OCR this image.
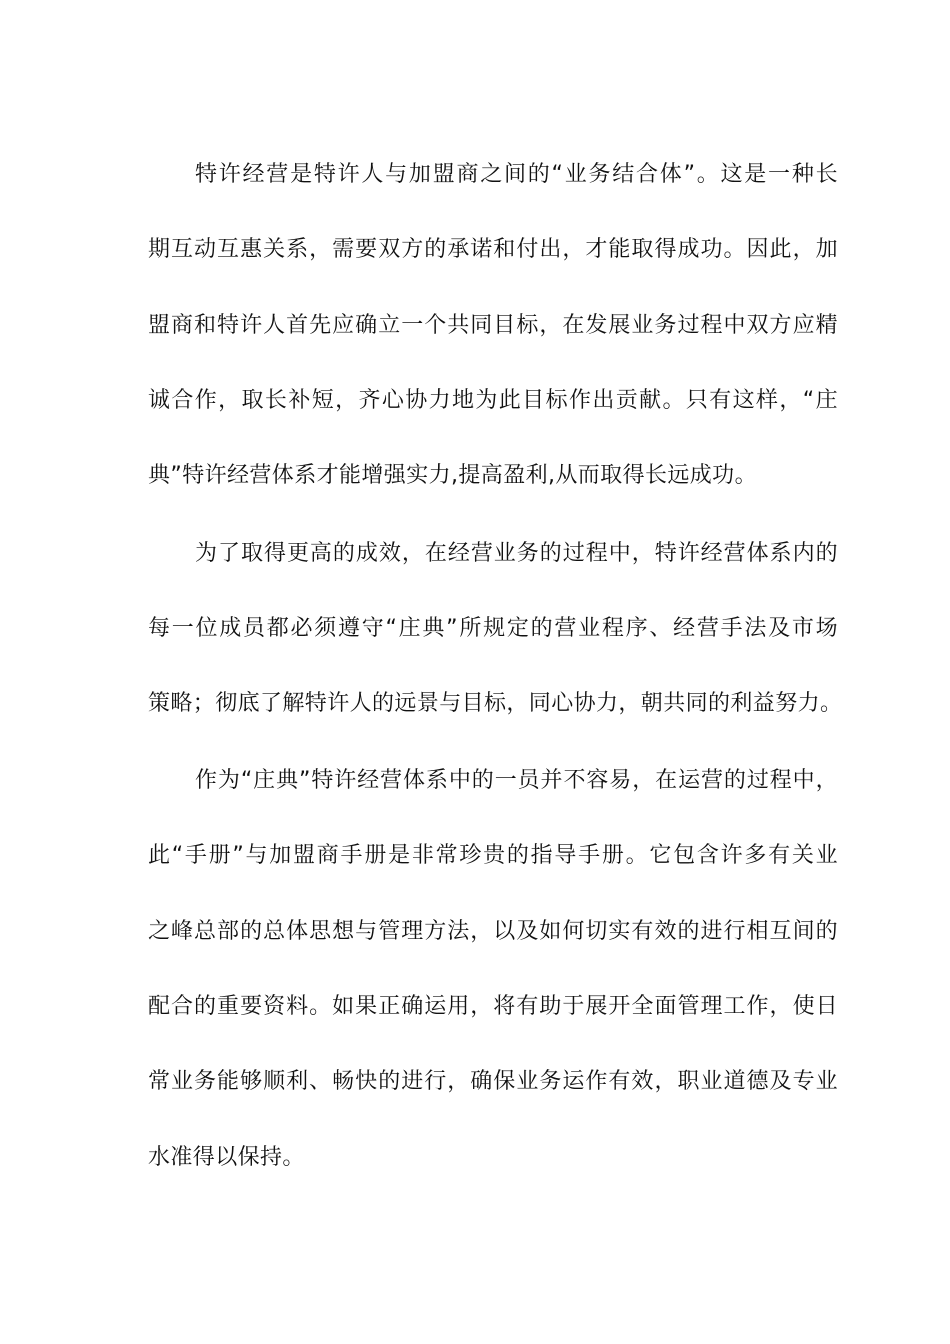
特许经营是特许人与加盟商之间的“业务结合体”。这是一种长
期互动互惠关系，需要双方的承诺和付出，才能取得成功。因此，加
盟商和特许人首先应确立一个共同目标，在发展业务过程中双方应精
诚合作，取长补短，齐心协力地为此目标作出贡献。只有这样，“庄
典”特许经营体系才能增强实力,提高盈利,从而取得长远成功。
为了取得更高的成效，在经营业务的过程中，特许经营体系内的
每一位成员都必须遵守“庄典”所规定的营业程序、经营手法及市场
策略；彻底了解特许人的远景与目标，同心协力，朝共同的利益努力。
作为“庄典”特许经营体系中的一员并不容易，在运营的过程中，
此“手册”与加盟商手册是非常珍贵的指导手册。它包含许多有关业
之峰总部的总体思想与管理方法，以及如何切实有效的进行相互间的
配合的重要资料。如果正确运用，将有助于展开全面管理工作，使日
常业务能够顺利、畅快的进行，确保业务运作有效，职业道德及专业
水准得以保持。
